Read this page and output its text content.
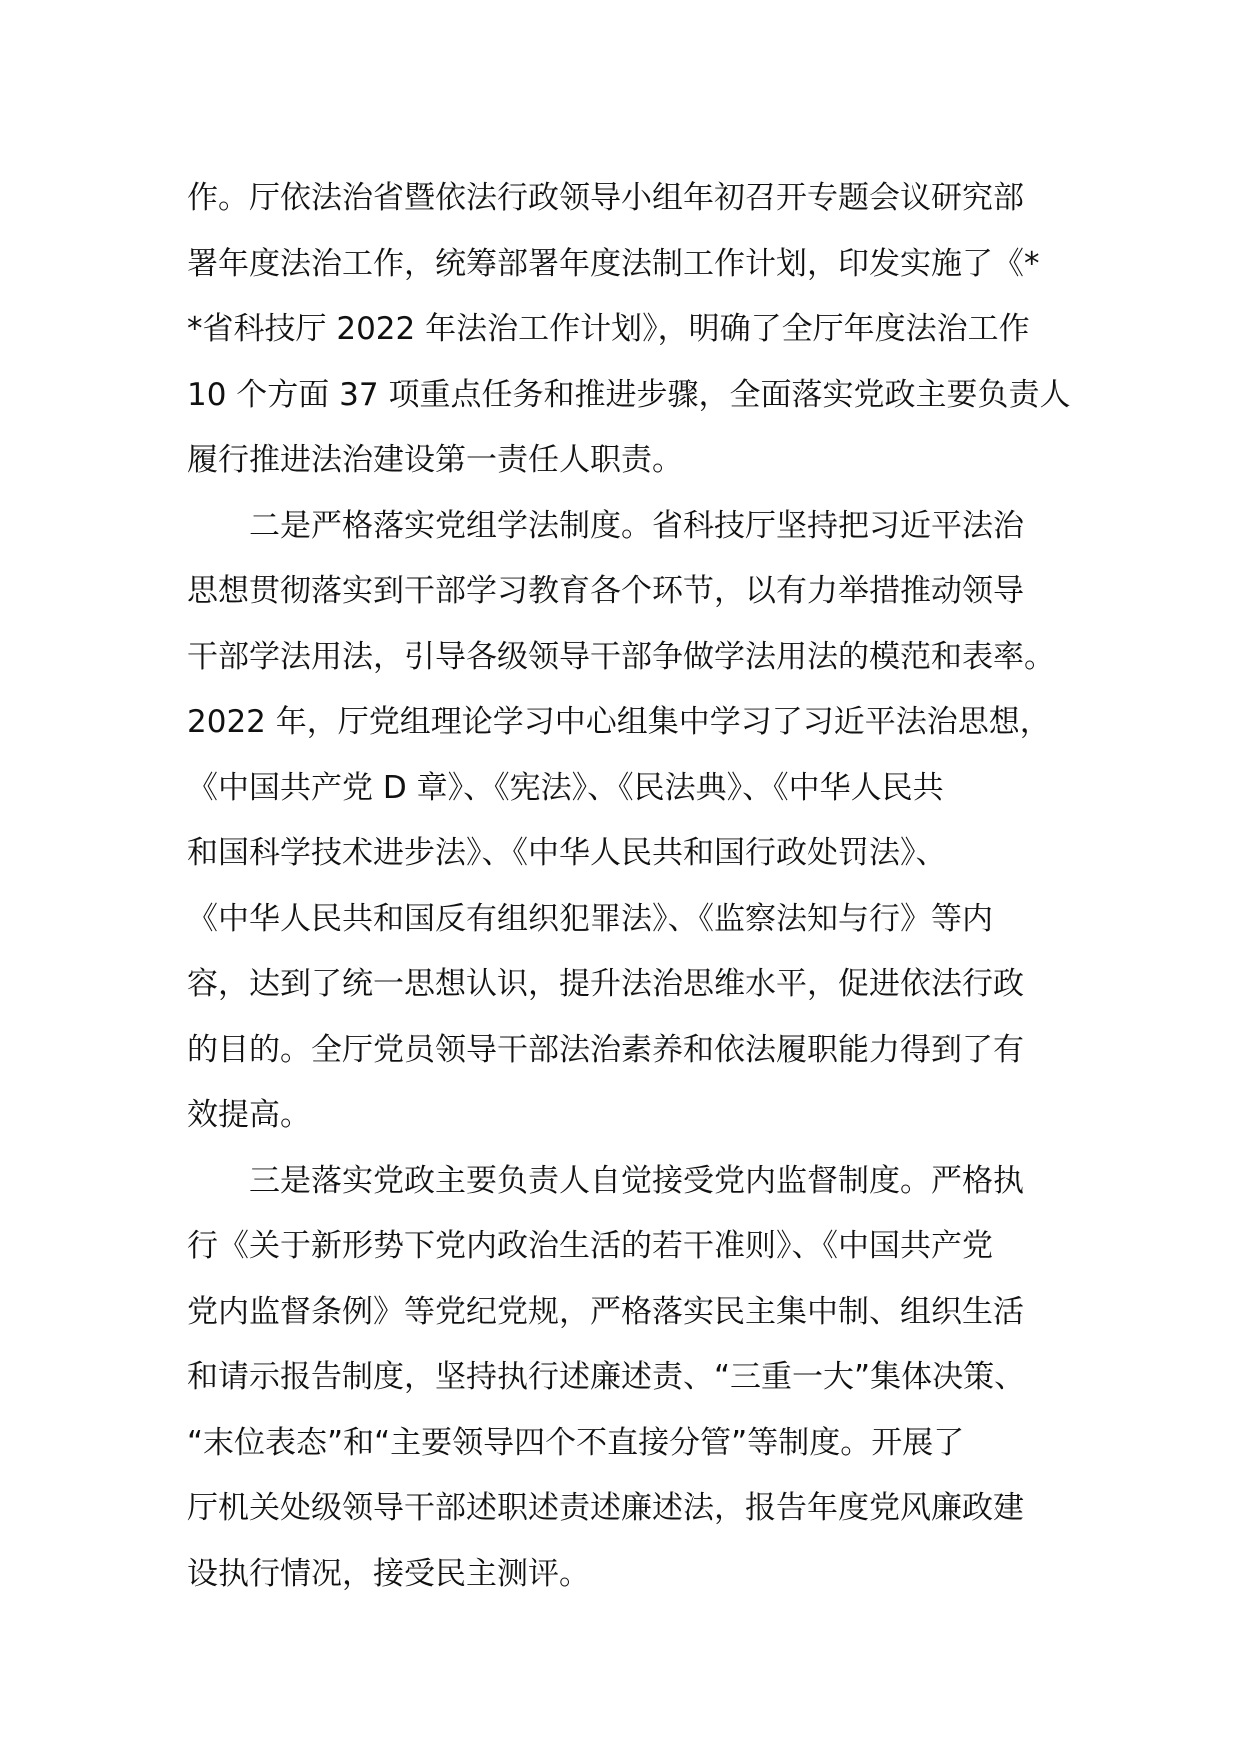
作。厅依法治省暨依法行政领导小组年初召开专题会议研究部
署年度法治工作，统筹部署年度法制工作计划，印发实施了《*
*省科技厅 2022 年法治工作计划》，明确了全厅年度法治工作
10 个方面 37 项重点任务和推进步骤，全面落实党政主要负责人
履行推进法治建设第一责任人职责。
二是严格落实党组学法制度。省科技厅坚持把习近平法治
思想贯彻落实到干部学习教育各个环节，以有力举措推动领导
干部学法用法，引导各级领导干部争做学法用法的模范和表率。
2022 年，厅党组理论学习中心组集中学习了习近平法治思想，
《中国共产党 D 章》、《宪法》、《民法典》、《中华人民共
和国科学技术进步法》、《中华人民共和国行政处罚法》、
《中华人民共和国反有组织犯罪法》、《监察法知与行》等内
容，达到了统一思想认识，提升法治思维水平，促进依法行政
的目的。全厅党员领导干部法治素养和依法履职能力得到了有
效提高。
三是落实党政主要负责人自觉接受党内监督制度。严格执
行《关于新形势下党内政治生活的若干准则》、《中国共产党
党内监督条例》等党纪党规，严格落实民主集中制、组织生活
和请示报告制度，坚持执行述廉述责、“三重一大”集体决策、
“末位表态”和“主要领导四个不直接分管”等制度。开展了
厅机关处级领导干部述职述责述廉述法，报告年度党风廉政建
设执行情况，接受民主测评。
